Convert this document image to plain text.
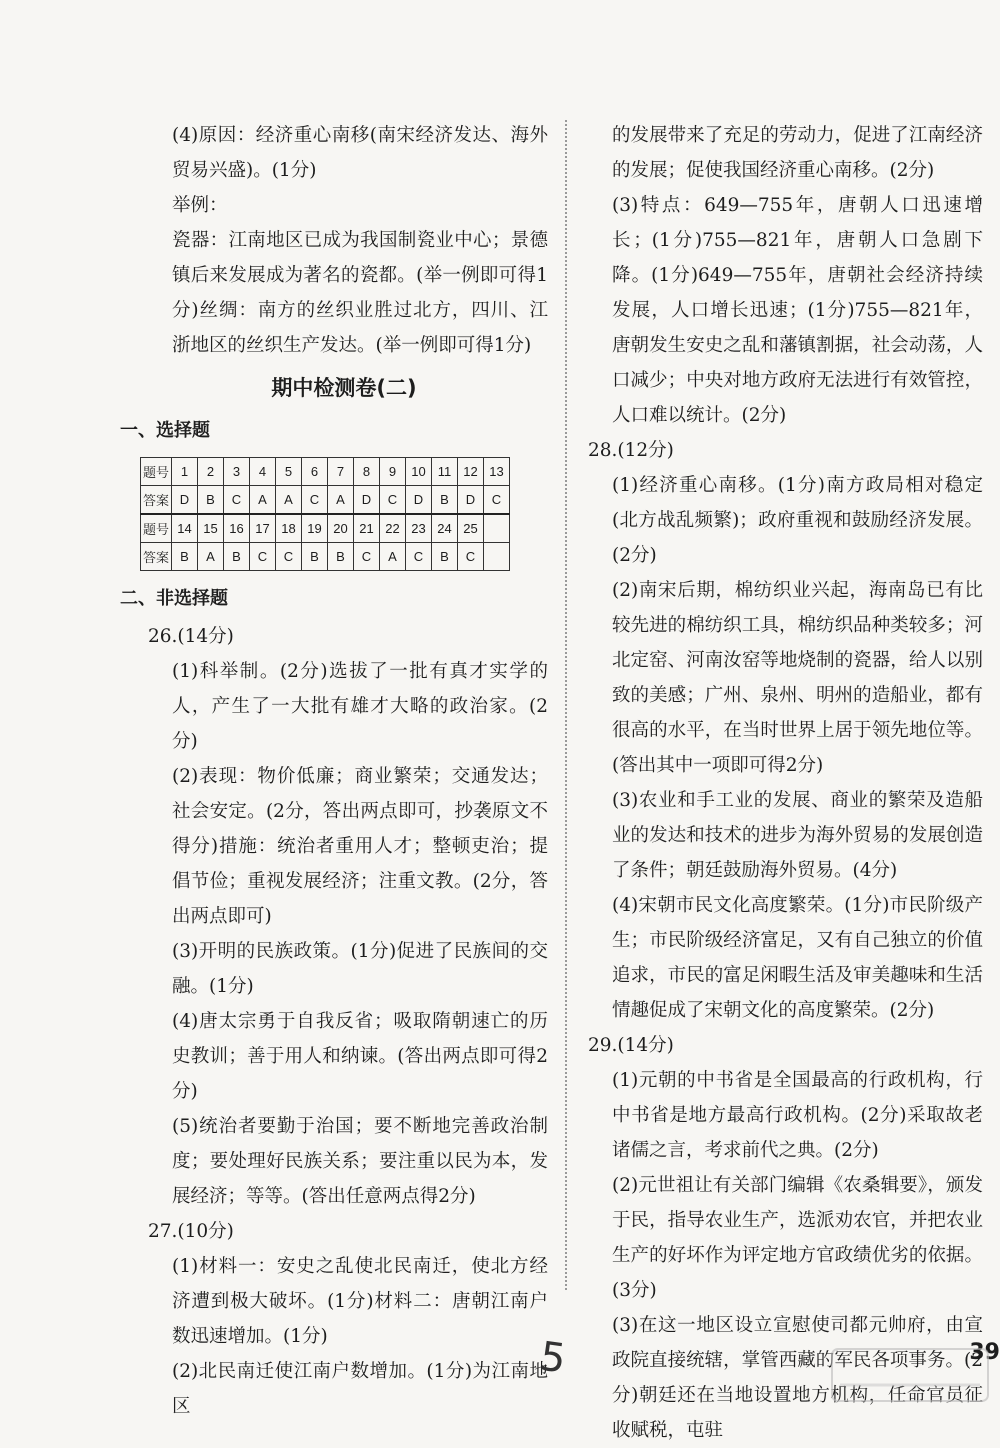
(4)原因：经济重心南移(南宋经济发达、海外贸易兴盛)。(1分)

举例：

瓷器：江南地区已成为我国制瓷业中心；景德镇后来发展成为著名的瓷都。(举一例即可得1分)丝绸：南方的丝织业胜过北方，四川、江浙地区的丝织生产发达。(举一例即可得1分)

期中检测卷(二)
一、选择题
题号	1	2	3	4	5	6	7	8	9	10	11	12	13
答案	D	B	C	A	A	C	A	D	C	D	B	D	C
题号	14	15	16	17	18	19	20	21	22	23	24	25	
答案	B	A	B	C	C	B	B	C	A	C	B	C	
二、非选择题
26.(14分)

(1)科举制。(2分)选拔了一批有真才实学的人，产生了一大批有雄才大略的政治家。(2分)

(2)表现：物价低廉；商业繁荣；交通发达；社会安定。(2分，答出两点即可，抄袭原文不得分)措施：统治者重用人才；整顿吏治；提倡节俭；重视发展经济；注重文教。(2分，答出两点即可)

(3)开明的民族政策。(1分)促进了民族间的交融。(1分)

(4)唐太宗勇于自我反省；吸取隋朝速亡的历史教训；善于用人和纳谏。(答出两点即可得2分)

(5)统治者要勤于治国；要不断地完善政治制度；要处理好民族关系；要注重以民为本，发展经济；等等。(答出任意两点得2分)

27.(10分)

(1)材料一：安史之乱使北民南迁，使北方经济遭到极大破坏。(1分)材料二：唐朝江南户数迅速增加。(1分)

(2)北民南迁使江南户数增加。(1分)为江南地区

的发展带来了充足的劳动力，促进了江南经济的发展；促使我国经济重心南移。(2分)

(3)特点：649—755年，唐朝人口迅速增长；(1分)755—821年，唐朝人口急剧下降。(1分)649—755年，唐朝社会经济持续发展，人口增长迅速；(1分)755—821年，唐朝发生安史之乱和藩镇割据，社会动荡，人口减少；中央对地方政府无法进行有效管控，人口难以统计。(2分)

28.(12分)

(1)经济重心南移。(1分)南方政局相对稳定(北方战乱频繁)；政府重视和鼓励经济发展。(2分)

(2)南宋后期，棉纺织业兴起，海南岛已有比较先进的棉纺织工具，棉纺织品种类较多；河北定窑、河南汝窑等地烧制的瓷器，给人以别致的美感；广州、泉州、明州的造船业，都有很高的水平，在当时世界上居于领先地位等。(答出其中一项即可得2分)

(3)农业和手工业的发展、商业的繁荣及造船业的发达和技术的进步为海外贸易的发展创造了条件；朝廷鼓励海外贸易。(4分)

(4)宋朝市民文化高度繁荣。(1分)市民阶级产生；市民阶级经济富足，又有自己独立的价值追求，市民的富足闲暇生活及审美趣味和生活情趣促成了宋朝文化的高度繁荣。(2分)

29.(14分)

(1)元朝的中书省是全国最高的行政机构，行中书省是地方最高行政机构。(2分)采取故老诸儒之言，考求前代之典。(2分)

(2)元世祖让有关部门编辑《农桑辑要》，颁发于民，指导农业生产，选派劝农官，并把农业生产的好坏作为评定地方官政绩优劣的依据。(3分)

(3)在这一地区设立宣慰使司都元帅府，由宣政院直接统辖，掌管西藏的军民各项事务。(2分)朝廷还在当地设置地方机构，任命官员征收赋税，屯驻

5	39
